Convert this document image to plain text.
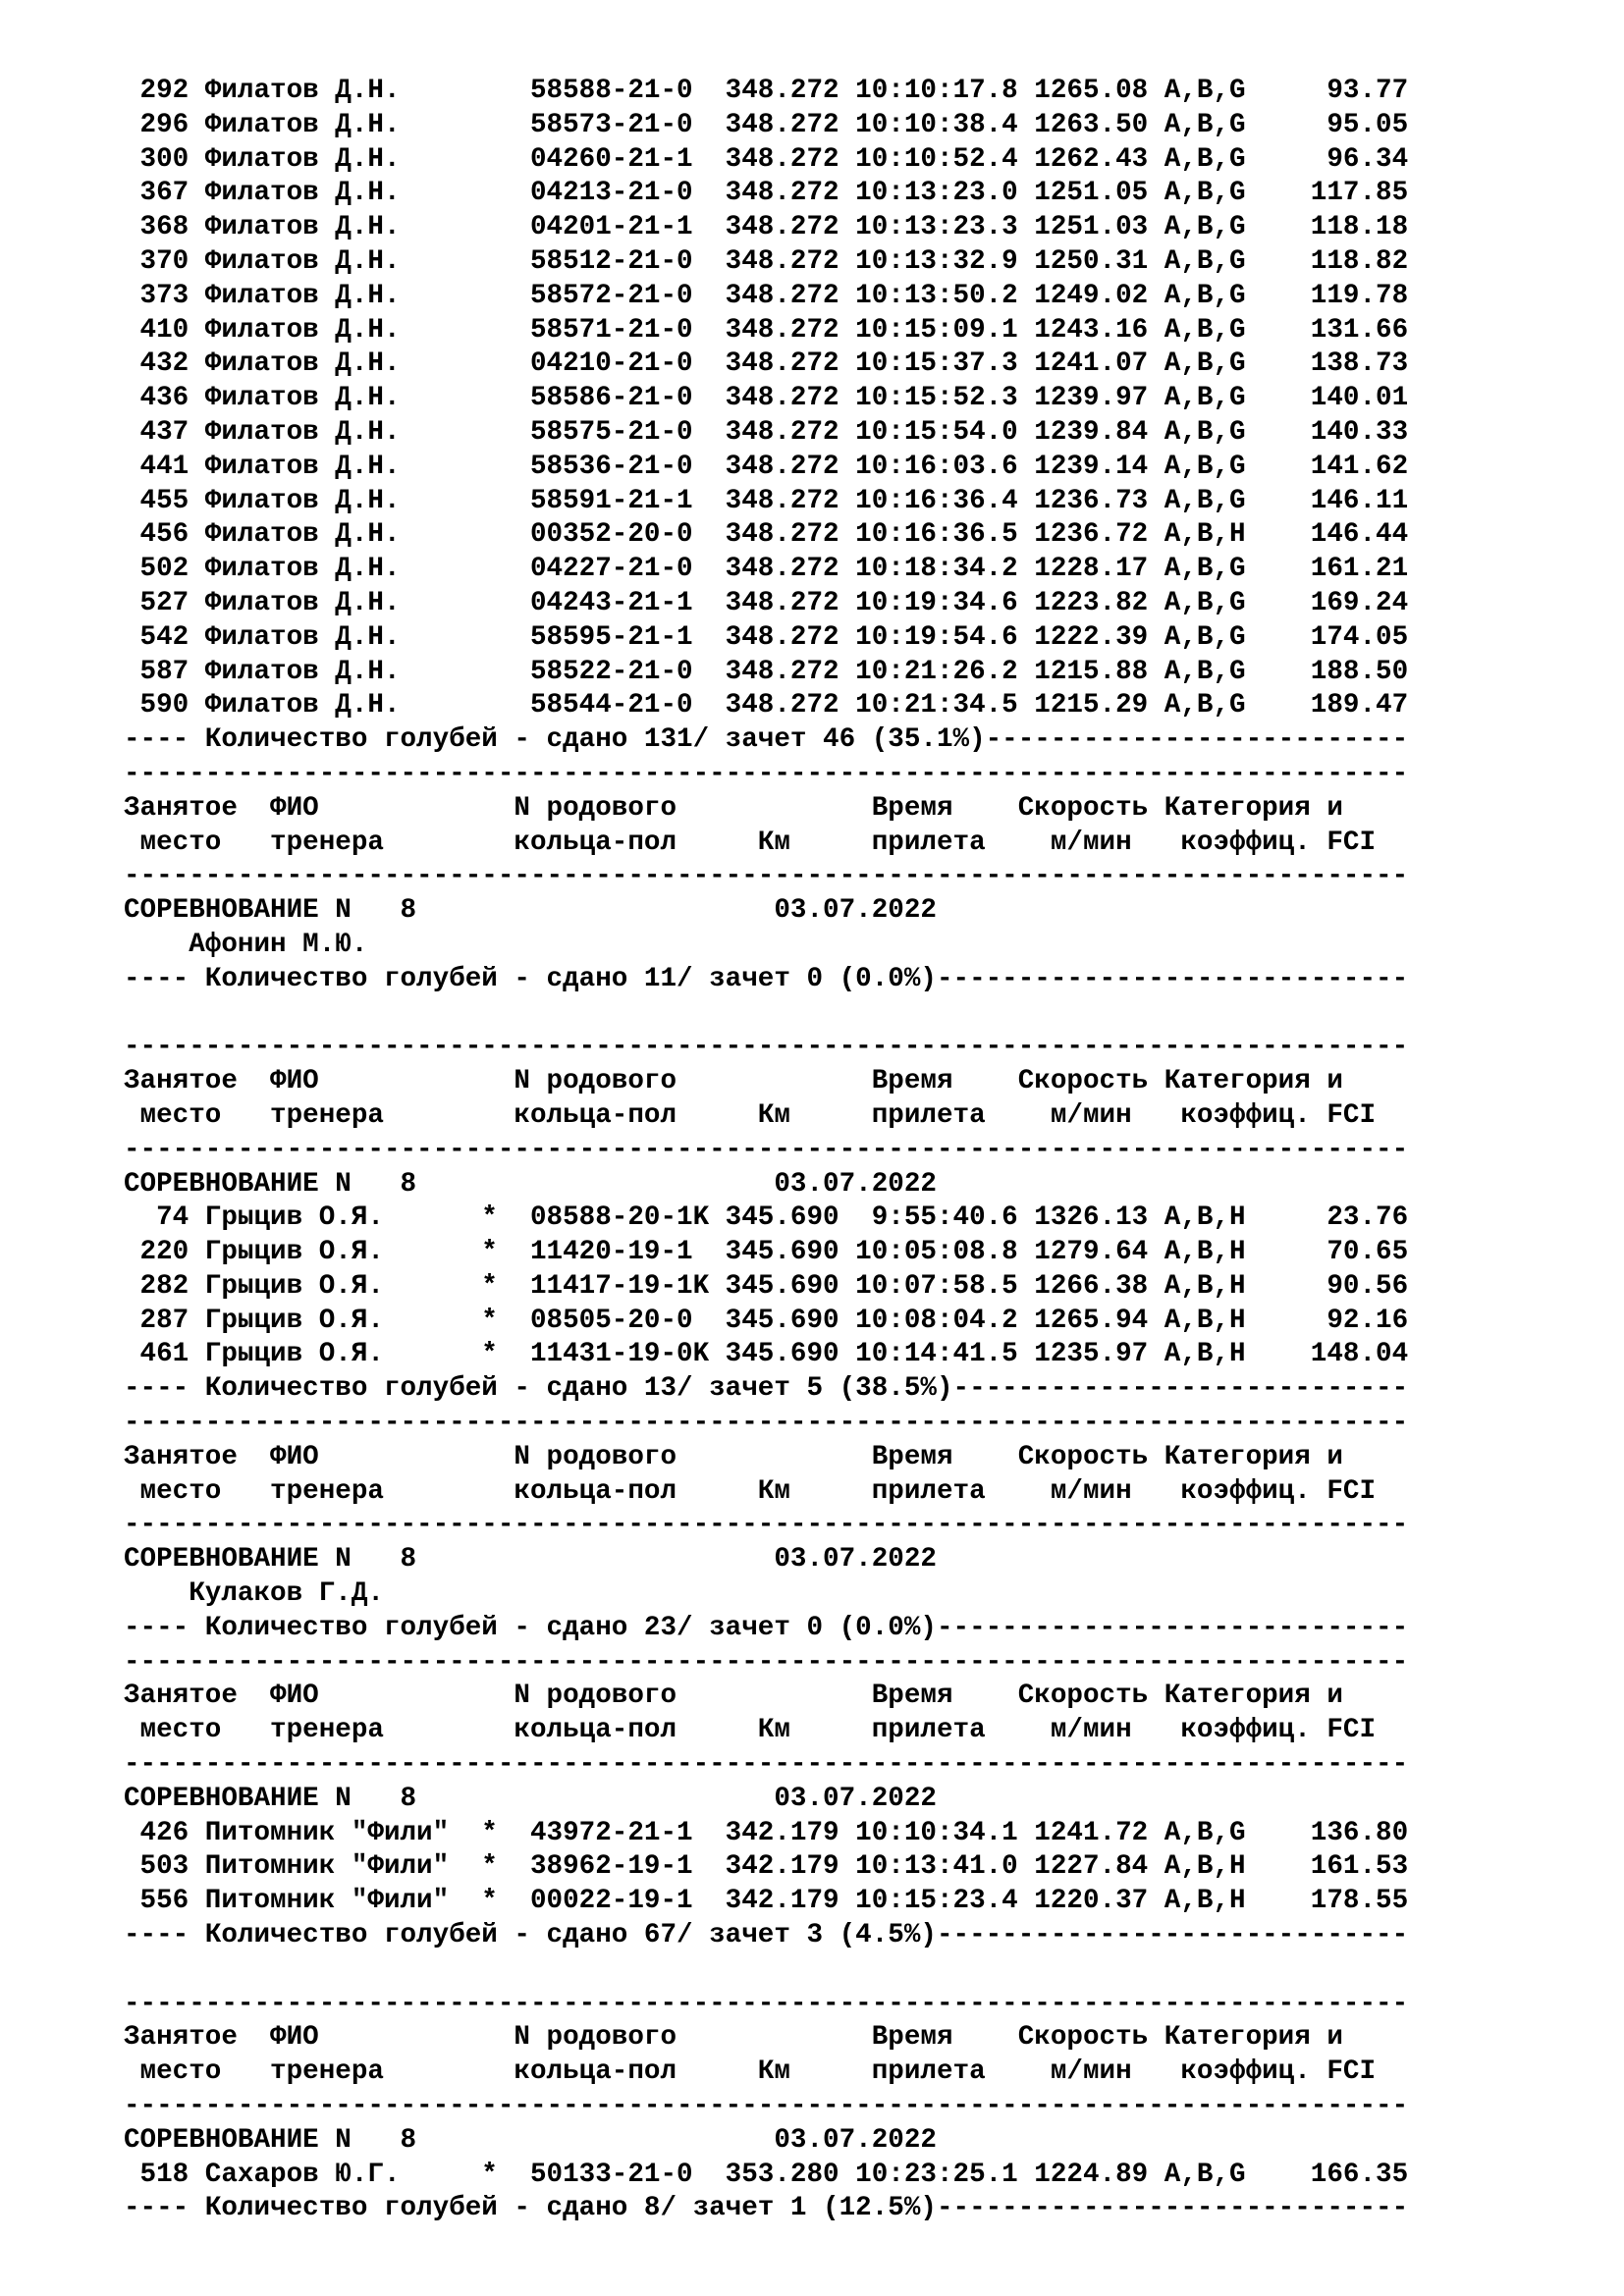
292 Филатов Д.Н.        58588-21-0  348.272 10:10:17.8 1265.08 A,B,G     93.77
296 Филатов Д.Н.        58573-21-0  348.272 10:10:38.4 1263.50 A,B,G     95.05
300 Филатов Д.Н.        04260-21-1  348.272 10:10:52.4 1262.43 A,B,G     96.34
367 Филатов Д.Н.        04213-21-0  348.272 10:13:23.0 1251.05 A,B,G    117.85
368 Филатов Д.Н.        04201-21-1  348.272 10:13:23.3 1251.03 A,B,G    118.18
370 Филатов Д.Н.        58512-21-0  348.272 10:13:32.9 1250.31 A,B,G    118.82
373 Филатов Д.Н.        58572-21-0  348.272 10:13:50.2 1249.02 A,B,G    119.78
410 Филатов Д.Н.        58571-21-0  348.272 10:15:09.1 1243.16 A,B,G    131.66
432 Филатов Д.Н.        04210-21-0  348.272 10:15:37.3 1241.07 A,B,G    138.73
436 Филатов Д.Н.        58586-21-0  348.272 10:15:52.3 1239.97 A,B,G    140.01
437 Филатов Д.Н.        58575-21-0  348.272 10:15:54.0 1239.84 A,B,G    140.33
441 Филатов Д.Н.        58536-21-0  348.272 10:16:03.6 1239.14 A,B,G    141.62
455 Филатов Д.Н.        58591-21-1  348.272 10:16:36.4 1236.73 A,B,G    146.11
456 Филатов Д.Н.        00352-20-0  348.272 10:16:36.5 1236.72 A,B,H    146.44
502 Филатов Д.Н.        04227-21-0  348.272 10:18:34.2 1228.17 A,B,G    161.21
527 Филатов Д.Н.        04243-21-1  348.272 10:19:34.6 1223.82 A,B,G    169.24
542 Филатов Д.Н.        58595-21-1  348.272 10:19:54.6 1222.39 A,B,G    174.05
587 Филатов Д.Н.        58522-21-0  348.272 10:21:26.2 1215.88 A,B,G    188.50
590 Филатов Д.Н.        58544-21-0  348.272 10:21:34.5 1215.29 A,B,G    189.47
---- Количество голубей - сдано 131/ зачет 46 (35.1%)--------------------------
-------------------------------------------------------------------------------
Занятое  ФИО            N родового            Время    Скорость Категория и
место   тренера        кольца-пол     Км     прилета    м/мин   коэффиц. FCI
-------------------------------------------------------------------------------
СОРЕВНОВАНИЕ N   8                      03.07.2022
Афонин М.Ю.
---- Количество голубей - сдано 11/ зачет 0 (0.0%)-----------------------------
-------------------------------------------------------------------------------
Занятое  ФИО            N родового            Время    Скорость Категория и
место   тренера        кольца-пол     Км     прилета    м/мин   коэффиц. FCI
-------------------------------------------------------------------------------
СОРЕВНОВАНИЕ N   8                      03.07.2022
74 Грыцив О.Я.      *  08588-20-1K 345.690  9:55:40.6 1326.13 A,B,H     23.76
220 Грыцив О.Я.      *  11420-19-1  345.690 10:05:08.8 1279.64 A,B,H     70.65
282 Грыцив О.Я.      *  11417-19-1K 345.690 10:07:58.5 1266.38 A,B,H     90.56
287 Грыцив О.Я.      *  08505-20-0  345.690 10:08:04.2 1265.94 A,B,H     92.16
461 Грыцив О.Я.      *  11431-19-0K 345.690 10:14:41.5 1235.97 A,B,H    148.04
---- Количество голубей - сдано 13/ зачет 5 (38.5%)----------------------------
-------------------------------------------------------------------------------
Занятое  ФИО            N родового            Время    Скорость Категория и
место   тренера        кольца-пол     Км     прилета    м/мин   коэффиц. FCI
-------------------------------------------------------------------------------
СОРЕВНОВАНИЕ N   8                      03.07.2022
Кулаков Г.Д.
---- Количество голубей - сдано 23/ зачет 0 (0.0%)-----------------------------
-------------------------------------------------------------------------------
Занятое  ФИО            N родового            Время    Скорость Категория и
место   тренера        кольца-пол     Км     прилета    м/мин   коэффиц. FCI
-------------------------------------------------------------------------------
СОРЕВНОВАНИЕ N   8                      03.07.2022
426 Питомник "Фили"  *  43972-21-1  342.179 10:10:34.1 1241.72 A,B,G    136.80
503 Питомник "Фили"  *  38962-19-1  342.179 10:13:41.0 1227.84 A,B,H    161.53
556 Питомник "Фили"  *  00022-19-1  342.179 10:15:23.4 1220.37 A,B,H    178.55
---- Количество голубей - сдано 67/ зачет 3 (4.5%)-----------------------------
-------------------------------------------------------------------------------
Занятое  ФИО            N родового            Время    Скорость Категория и
место   тренера        кольца-пол     Км     прилета    м/мин   коэффиц. FCI
-------------------------------------------------------------------------------
СОРЕВНОВАНИЕ N   8                      03.07.2022
518 Сахаров Ю.Г.     *  50133-21-0  353.280 10:23:25.1 1224.89 A,B,G    166.35
---- Количество голубей - сдано 8/ зачет 1 (12.5%)-----------------------------
